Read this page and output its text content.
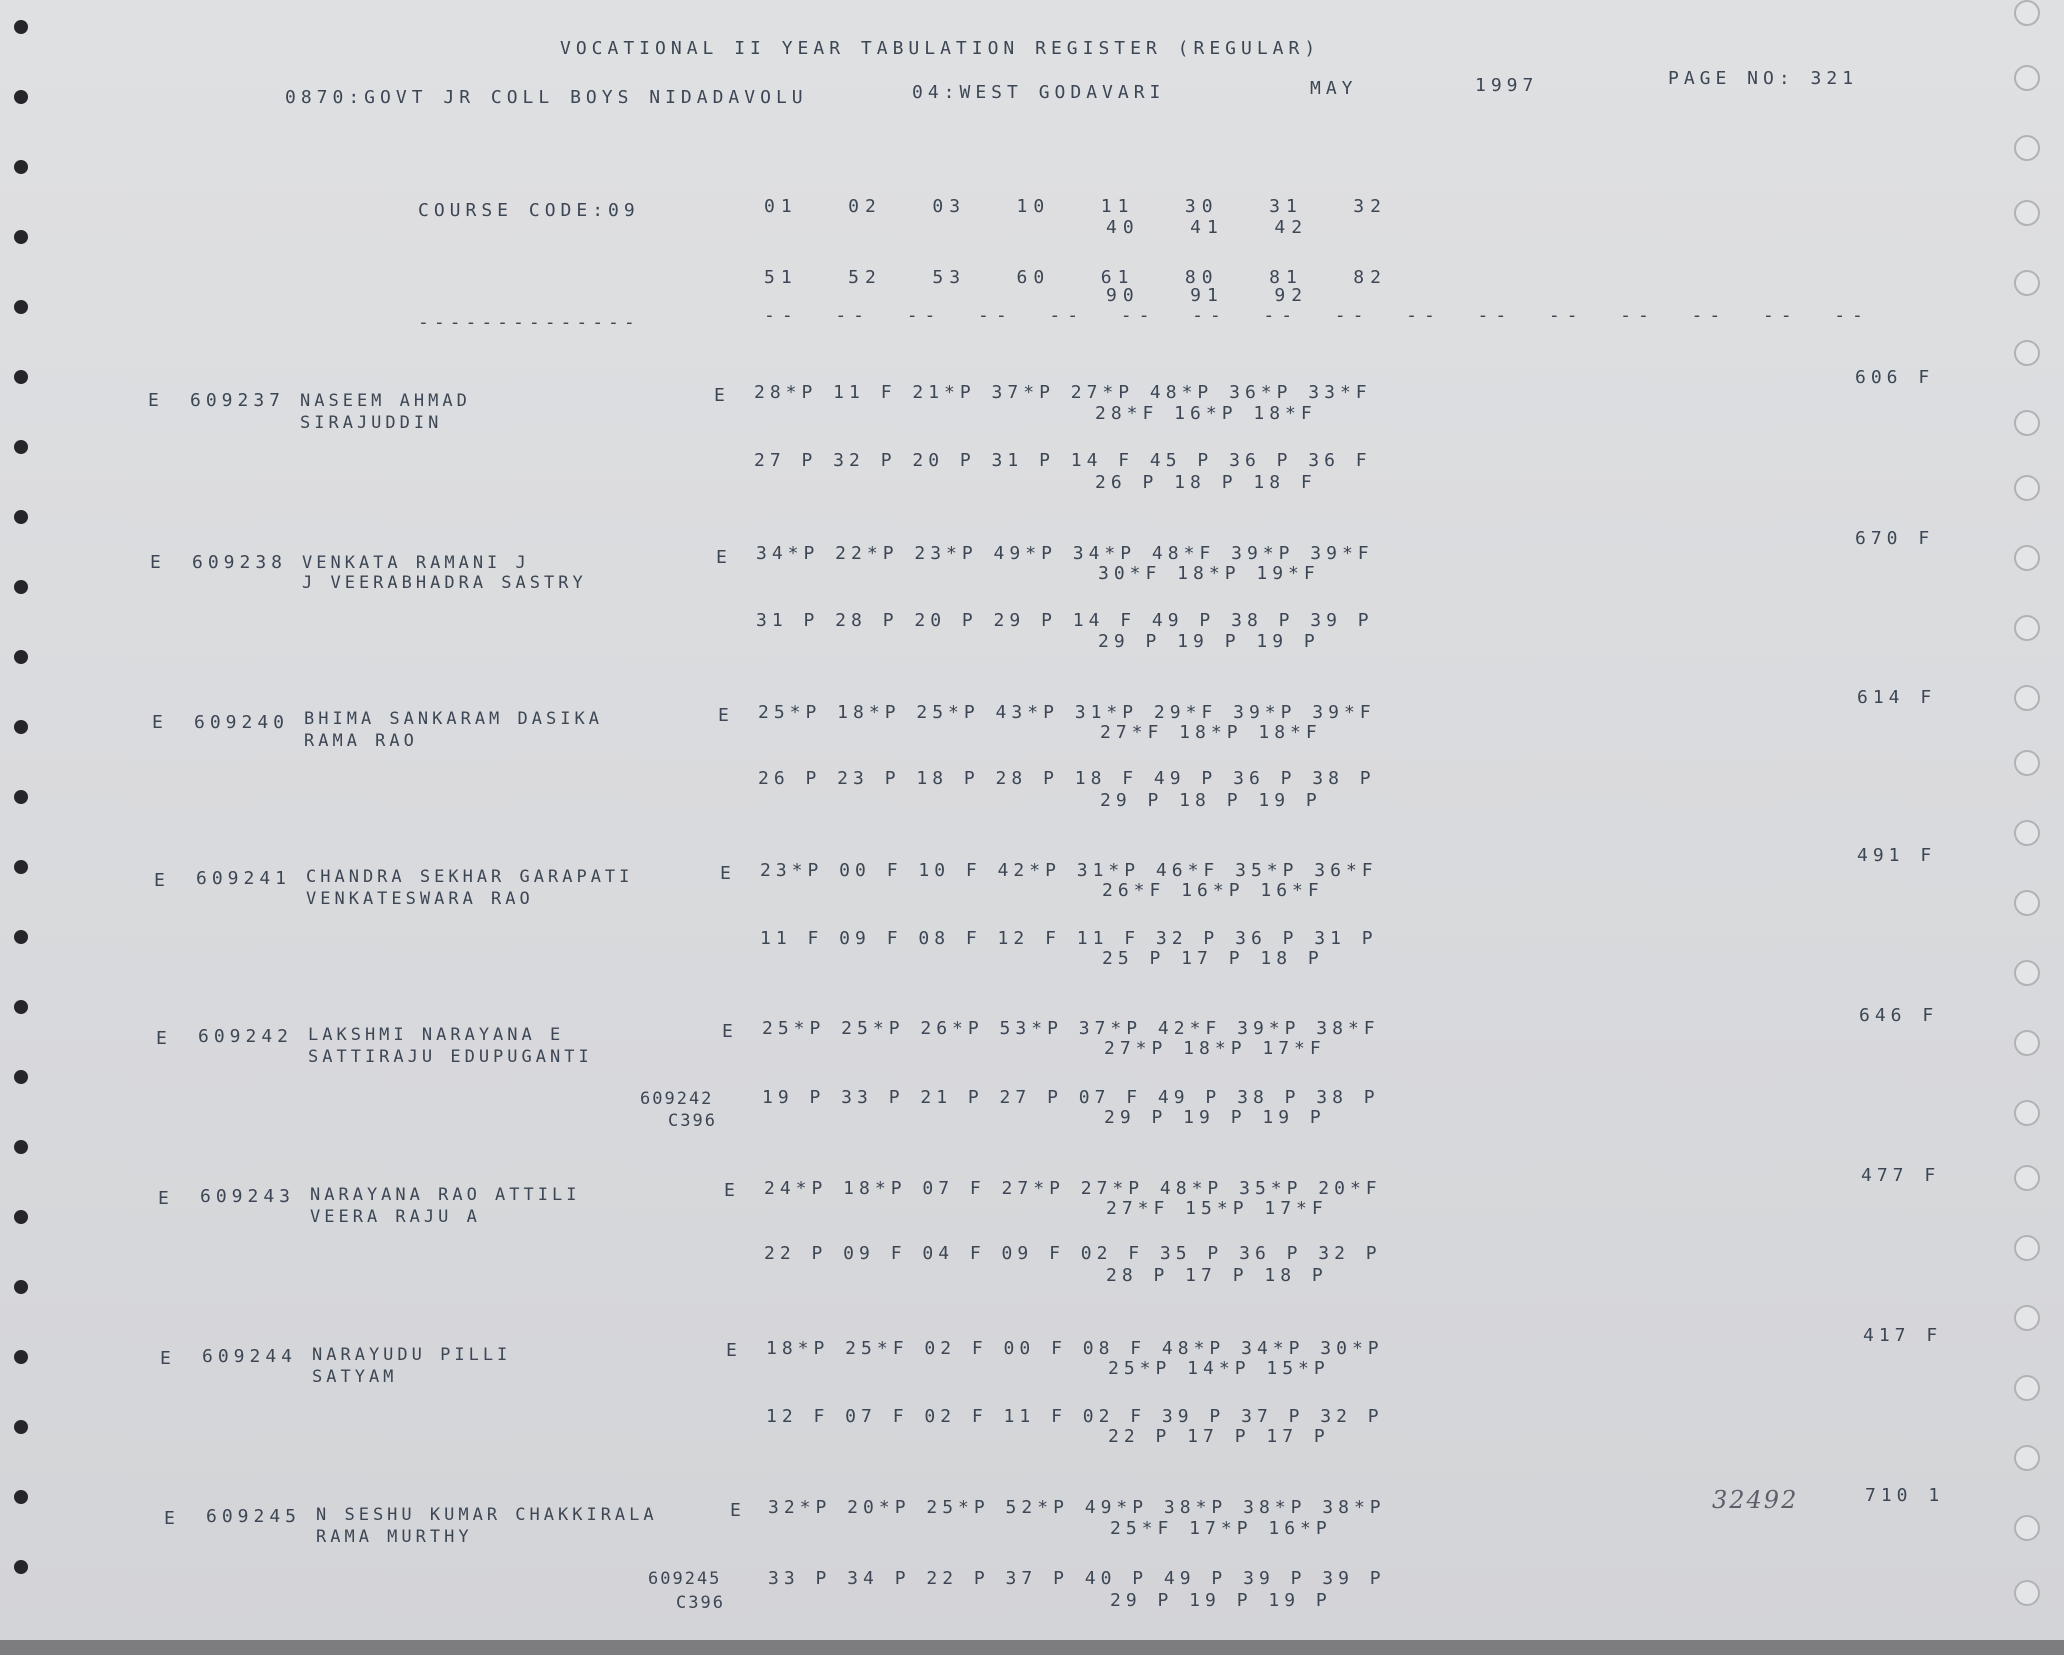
VOCATIONAL II YEAR TABULATION REGISTER (REGULAR)
0870:GOVT JR COLL BOYS NIDADAVOLU	04:WEST GODAVARI	MAY	1997	PAGE NO: 321
COURSE CODE:09	01   02   03   10   11   30   31   32
40   41   42
51   52   53   60   61   80   81   82
90   91   92
--------------	--  --  --  --  --  --  --  --  --  --  --  --  --  --  --  --
E 609237 NASEEM AHMAD
SIRAJUDDIN
E 28*P 11 F 21*P 37*P 27*P 48*P 36*P 33*F
28*F 16*P 18*F
27 P 32 P 20 P 31 P 14 F 45 P 36 P 36 F
26 P 18 P 18 F
606 F
E 609238 VENKATA RAMANI J
J VEERABHADRA SASTRY
E 34*P 22*P 23*P 49*P 34*P 48*F 39*P 39*F
30*F 18*P 19*F
31 P 28 P 20 P 29 P 14 F 49 P 38 P 39 P
29 P 19 P 19 P
670 F
E 609240 BHIMA SANKARAM DASIKA
RAMA RAO
E 25*P 18*P 25*P 43*P 31*P 29*F 39*P 39*F
27*F 18*P 18*F
26 P 23 P 18 P 28 P 18 F 49 P 36 P 38 P
29 P 18 P 19 P
614 F
E 609241 CHANDRA SEKHAR GARAPATI
VENKATESWARA RAO
E 23*P 00 F 10 F 42*P 31*P 46*F 35*P 36*F
26*F 16*P 16*F
11 F 09 F 08 F 12 F 11 F 32 P 36 P 31 P
25 P 17 P 18 P
491 F
E 609242 LAKSHMI NARAYANA E
SATTIRAJU EDUPUGANTI
E 25*P 25*P 26*P 53*P 37*P 42*F 39*P 38*F
27*P 18*P 17*F
609242
C396
19 P 33 P 21 P 27 P 07 F 49 P 38 P 38 P
29 P 19 P 19 P
646 F
E 609243 NARAYANA RAO ATTILI
VEERA RAJU A
E 24*P 18*P 07 F 27*P 27*P 48*P 35*P 20*F
27*F 15*P 17*F
22 P 09 F 04 F 09 F 02 F 35 P 36 P 32 P
28 P 17 P 18 P
477 F
E 609244 NARAYUDU PILLI
SATYAM
E 18*P 25*F 02 F 00 F 08 F 48*P 34*P 30*P
25*P 14*P 15*P
12 F 07 F 02 F 11 F 02 F 39 P 37 P 32 P
22 P 17 P 17 P
417 F
E 609245 N SESHU KUMAR CHAKKIRALA
RAMA MURTHY
E 32*P 20*P 25*P 52*P 49*P 38*P 38*P 38*P
25*F 17*P 16*P
609245
C396
33 P 34 P 22 P 37 P 40 P 49 P 39 P 39 P
29 P 19 P 19 P
710 1
32492
